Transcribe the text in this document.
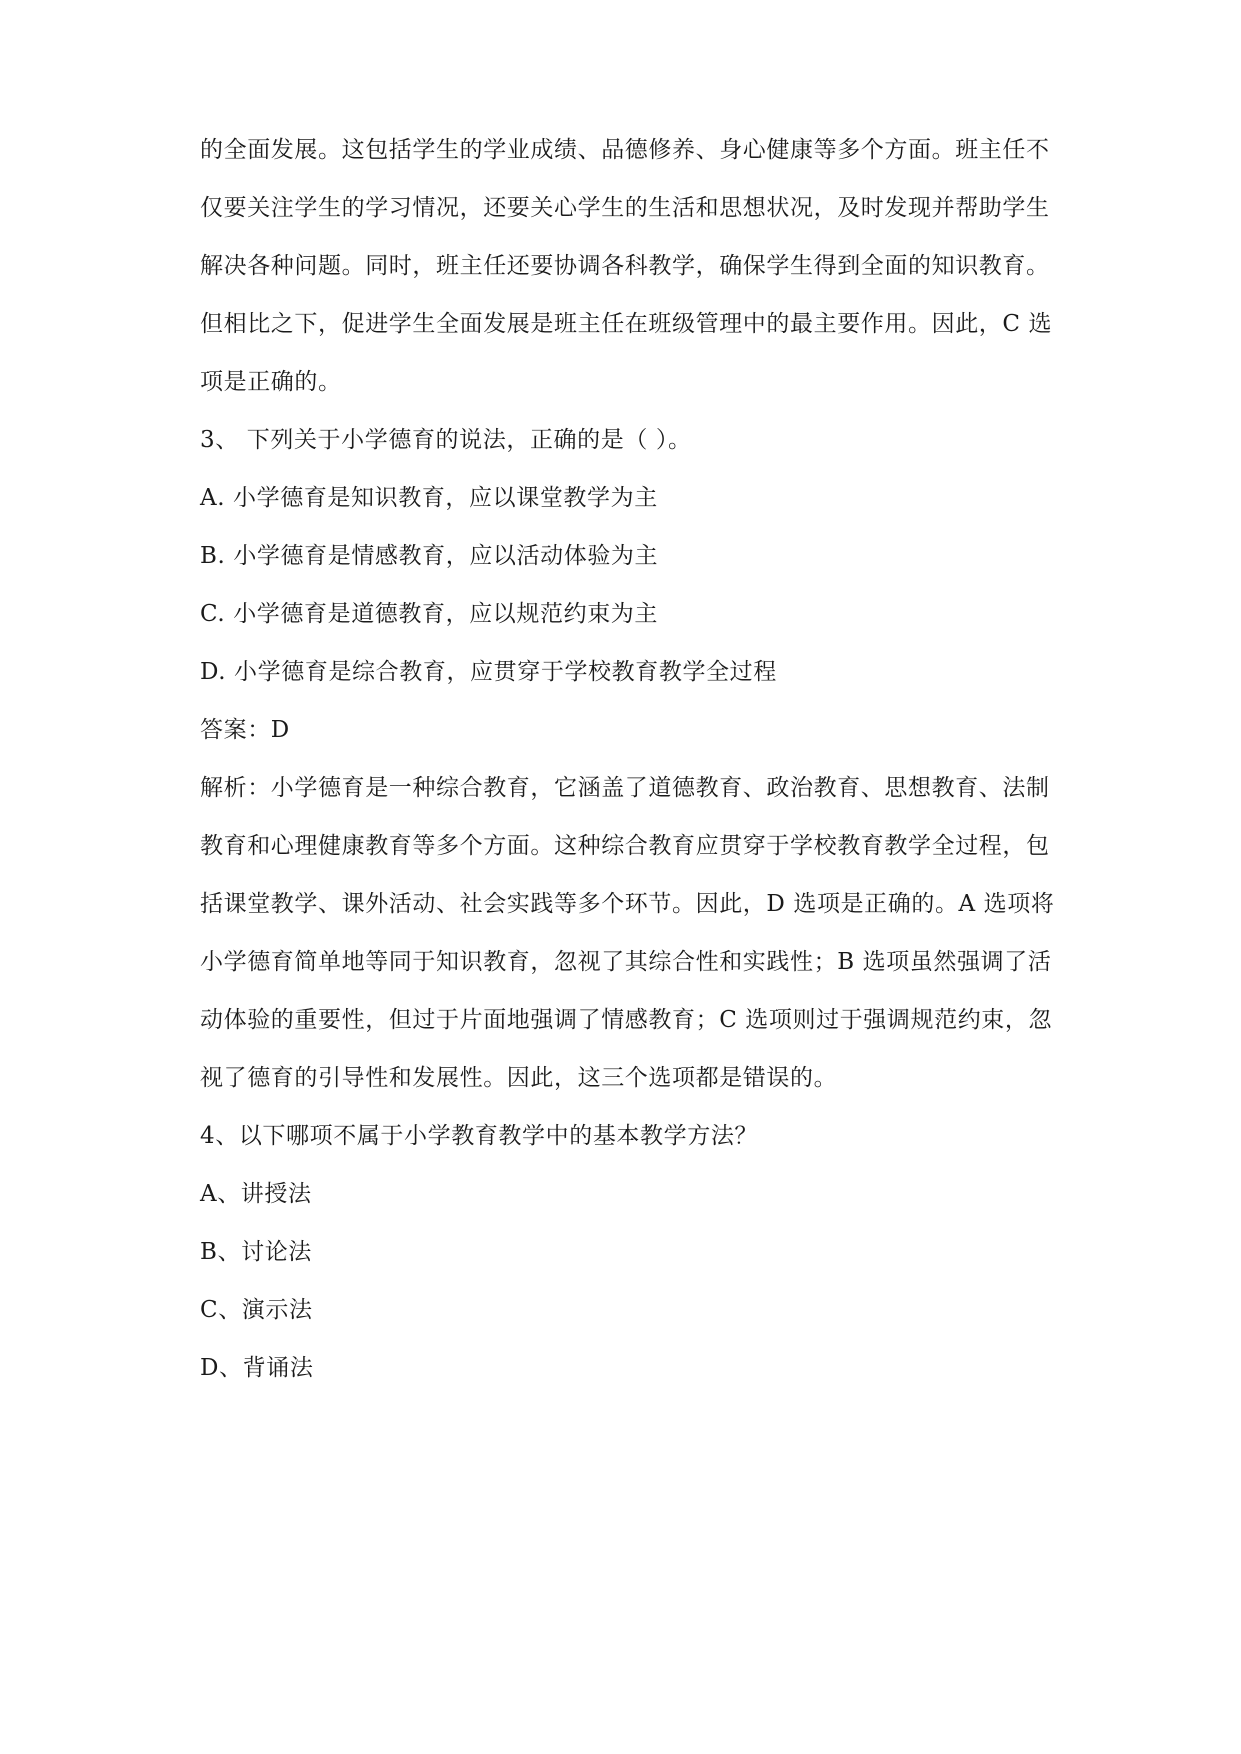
的全面发展。这包括学生的学业成绩、品德修养、身心健康等多个方面。班主任不
仅要关注学生的学习情况，还要关心学生的生活和思想状况，及时发现并帮助学生
解决各种问题。同时，班主任还要协调各科教学，确保学生得到全面的知识教育。
但相比之下，促进学生全面发展是班主任在班级管理中的最主要作用。因此，C 选
项是正确的。
3、 下列关于小学德育的说法，正确的是（ ）。
A. 小学德育是知识教育，应以课堂教学为主
B. 小学德育是情感教育，应以活动体验为主
C. 小学德育是道德教育，应以规范约束为主
D. 小学德育是综合教育，应贯穿于学校教育教学全过程
答案：D
解析：小学德育是一种综合教育，它涵盖了道德教育、政治教育、思想教育、法制
教育和心理健康教育等多个方面。这种综合教育应贯穿于学校教育教学全过程，包
括课堂教学、课外活动、社会实践等多个环节。因此，D 选项是正确的。A 选项将
小学德育简单地等同于知识教育，忽视了其综合性和实践性；B 选项虽然强调了活
动体验的重要性，但过于片面地强调了情感教育；C 选项则过于强调规范约束，忽
视了德育的引导性和发展性。因此，这三个选项都是错误的。
4、以下哪项不属于小学教育教学中的基本教学方法？
A、讲授法
B、讨论法
C、演示法
D、背诵法
